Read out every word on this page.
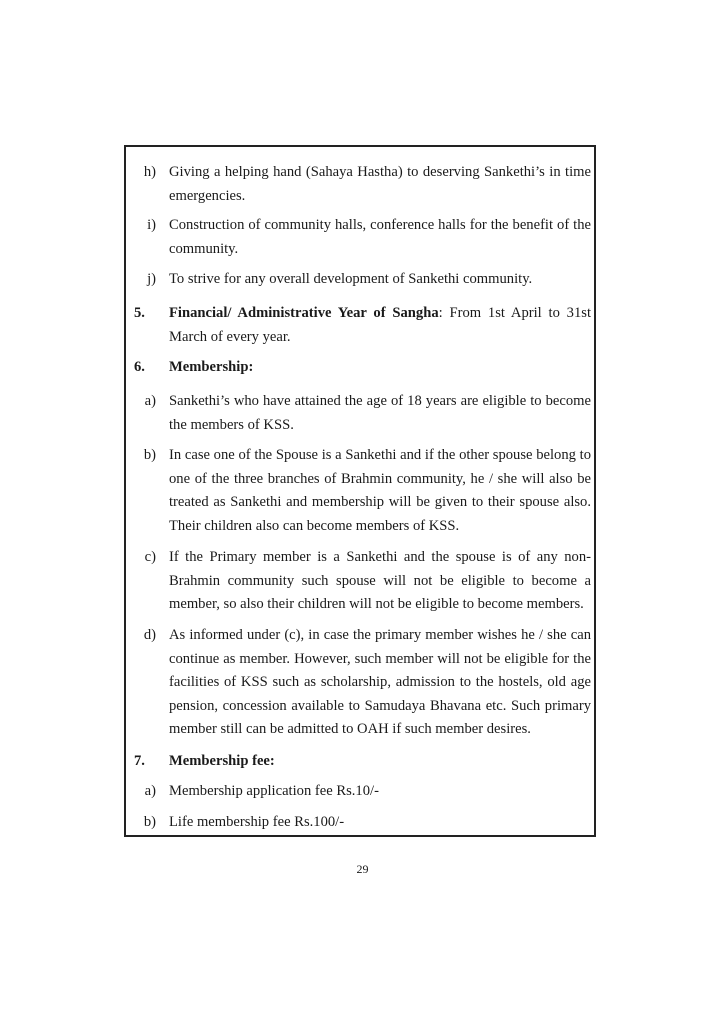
h) Giving a helping hand (Sahaya Hastha) to deserving Sankethi’s in time emergencies.
i) Construction of community halls, conference halls for the benefit of the community.
j) To strive for any overall development of Sankethi community.
5. Financial/ Administrative Year of Sangha: From 1st April to 31st March of every year.
6. Membership:
a) Sankethi’s who have attained the age of 18 years are eligible to become the members of KSS.
b) In case one of the Spouse is a Sankethi and if the other spouse belong to one of the three branches of Brahmin community, he / she will also be treated as Sankethi and membership will be given to their spouse also. Their children also can become members of KSS.
c) If the Primary member is a Sankethi and the spouse is of any non-Brahmin community such spouse will not be eligible to become a member, so also their children will not be eligible to become members.
d) As informed under (c), in case the primary member wishes he / she can continue as member. However, such member will not be eligible for the facilities of KSS such as scholarship, admission to the hostels, old age pension, concession available to Samudaya Bhavana etc. Such primary member still can be admitted to OAH if such member desires.
7. Membership fee:
a) Membership application fee Rs.10/-
b) Life membership fee Rs.100/-
29
